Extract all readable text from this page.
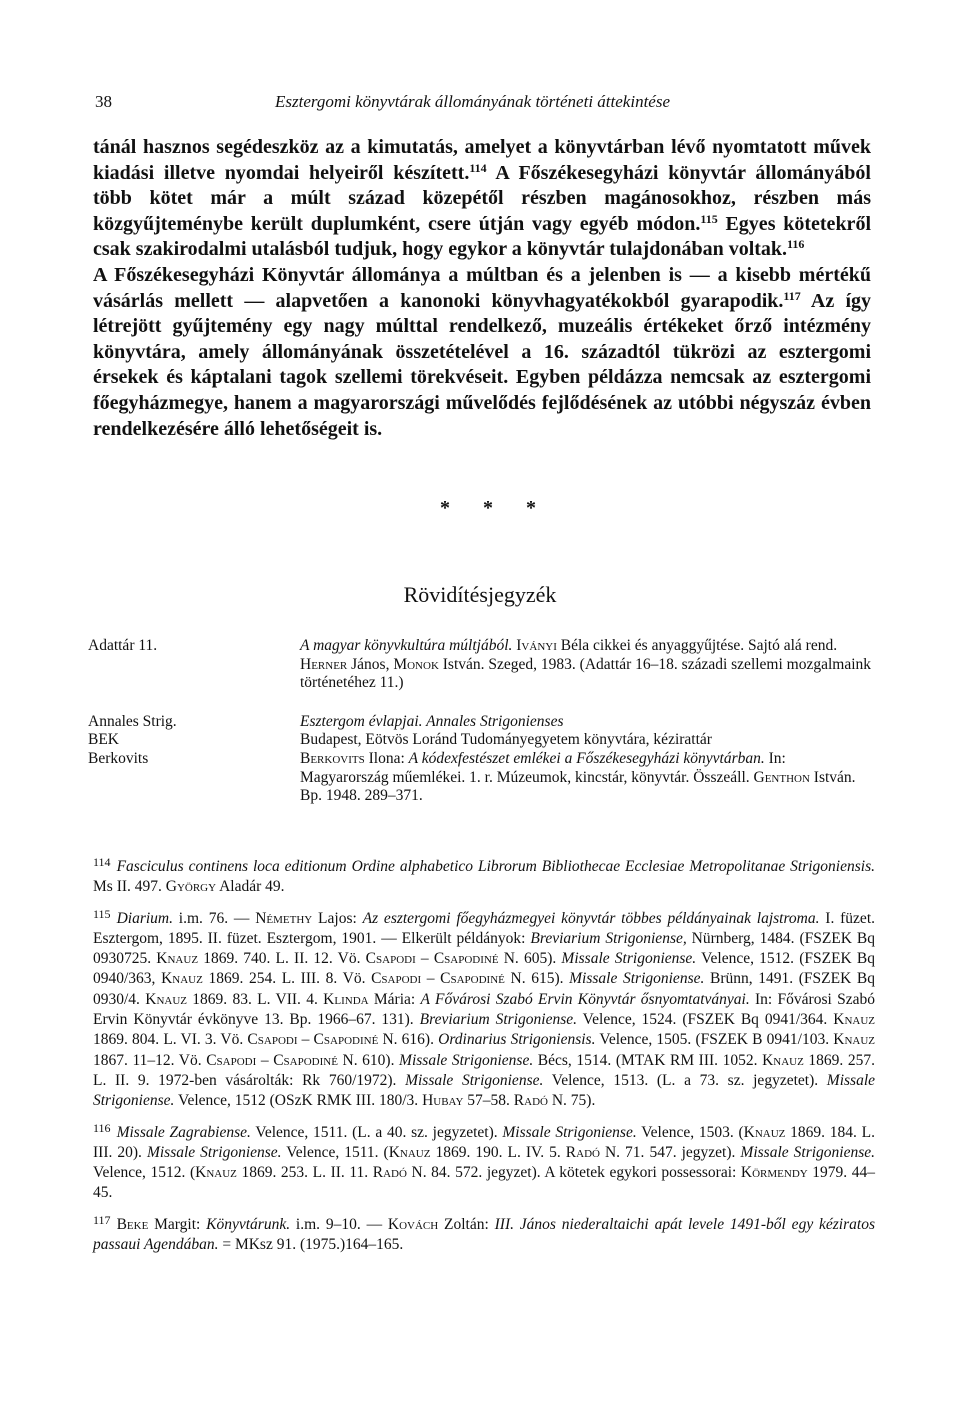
38	Esztergomi könyvtárak állományának történeti áttekintése

tánál hasznos segédeszköz az a kimutatás, amelyet a könyvtárban lévő nyomtatott művek kiadási illetve nyomdai helyeiről készített.$^{114}$ A Főszékesegyházi könyvtár állományából több kötet már a múlt század közepétől részben magánosokhoz, részben más közgyűjteménybe került duplumként, csere útján vagy egyéb módon.$^{115}$ Egyes kötetekről csak szakirodalmi utalásból tudjuk, hogy egykor a könyvtár tulajdonában voltak.$^{116}$

A Főszékesegyházi Könyvtár állománya a múltban és a jelenben is — a kisebb mértékű vásárlás mellett — alapvetően a kanonoki könyvhagyatékokból gyarapodik.$^{117}$ Az így létrejött gyűjtemény egy nagy múlttal rendelkező, muzeális értékeket őrző intézmény könyvtára, amely állományának összetételével a 16. századtól tükrözi az esztergomi érsekek és káptalani tagok szellemi törekvéseit. Egyben példázza nemcsak az esztergomi főegyházmegye, hanem a magyarországi művelődés fejlődésének az utóbbi négyszáz évben rendelkezésére álló lehetőségeit is.

* * *
Rövidítésjegyzék
Adattár 11.	A magyar könyvkultúra múltjából. Iványi Béla cikkei és anyaggyűjtése. Sajtó alá rend. Herner János, Monok István. Szeged, 1983. (Adattár 16–18. századi szellemi mozgalmaink történetéhez 11.)
Annales Strig.	Esztergom évlapjai. Annales Strigonienses
BEK	Budapest, Eötvös Loránd Tudományegyetem könyvtára, kézirattár
Berkovits	Berkovits Ilona: A kódexfestészet emlékei a Főszékesegyházi könyvtárban. In: Magyarország műemlékei. 1. r. Múzeumok, kincstár, könyvtár. Összeáll. Genthon István. Bp. 1948. 289–371.
$^{114}$ Fasciculus continens loca editionum Ordine alphabetico Librorum Bibliothecae Ecclesiae Metropolitanae Strigoniensis. Ms II. 497. György Aladár 49.
$^{115}$ Diarium. i.m. 76. — Némethy Lajos: Az esztergomi főegyházmegyei könyvtár többes példányainak lajstroma. I. füzet. Esztergom, 1895. II. füzet. Esztergom, 1901. — Elkerült példányok: Breviarium Strigoniense, Nürnberg, 1484. (FSZEK Bq 0930725. Knauz 1869. 740. L. II. 12. Vö. Csapodi – Csapodiné N. 605). Missale Strigoniense. Velence, 1512. (FSZEK Bq 0940/363, Knauz 1869. 254. L. III. 8. Vö. Csapodi – Csapodiné N. 615). Missale Strigoniense. Brünn, 1491. (FSZEK Bq 0930/4. Knauz 1869. 83. L. VII. 4. Klinda Mária: A Fővárosi Szabó Ervin Könyvtár ősnyomtatványai. In: Fővárosi Szabó Ervin Könyvtár évkönyve 13. Bp. 1966–67. 131). Breviarium Strigoniense. Velence, 1524. (FSZEK Bq 0941/364. Knauz 1869. 804. L. VI. 3. Vö. Csapodi – Csapodiné N. 616). Ordinarius Strigoniensis. Velence, 1505. (FSZEK B 0941/103. Knauz 1867. 11–12. Vö. Csapodi – Csapodiné N. 610). Missale Strigoniense. Bécs, 1514. (MTAK RM III. 1052. Knauz 1869. 257. L. II. 9. 1972-ben vásárolták: Rk 760/1972). Missale Strigoniense. Velence, 1513. (L. a 73. sz. jegyzetet). Missale Strigoniense. Velence, 1512 (OSzK RMK III. 180/3. Hubay 57–58. Radó N. 75).
$^{116}$ Missale Zagrabiense. Velence, 1511. (L. a 40. sz. jegyzetet). Missale Strigoniense. Velence, 1503. (Knauz 1869. 184. L. III. 20). Missale Strigoniense. Velence, 1511. (Knauz 1869. 190. L. IV. 5. Radó N. 71. 547. jegyzet). Missale Strigoniense. Velence, 1512. (Knauz 1869. 253. L. II. 11. Radó N. 84. 572. jegyzet). A kötetek egykori possessorai: Körmendy 1979. 44–45.
$^{117}$ Beke Margit: Könyvtárunk. i.m. 9–10. — Kovách Zoltán: III. János niederaltaichi apát levele 1491-ből egy kéziratos passaui Agendában. = MKsz 91. (1975.)164–165.
